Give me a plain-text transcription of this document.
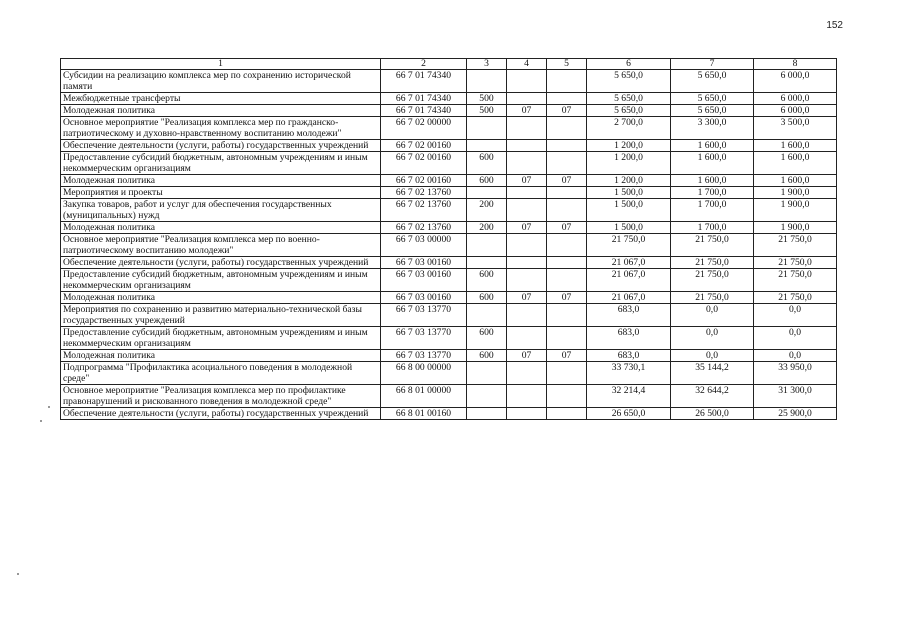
152
1	2	3	4	5	6	7	8
Субсидии на реализацию комплекса мер по сохранению исторической памяти	66 7 01 74340				5 650,0	5 650,0	6 000,0
Межбюджетные трансферты	66 7 01 74340	500			5 650,0	5 650,0	6 000,0
Молодежная политика	66 7 01 74340	500	07	07	5 650,0	5 650,0	6 000,0
Основное мероприятие "Реализация комплекса мер по гражданско-патриотическому и духовно-нравственному воспитанию молодежи"	66 7 02 00000				2 700,0	3 300,0	3 500,0
Обеспечение деятельности (услуги, работы) государственных учреждений	66 7 02 00160				1 200,0	1 600,0	1 600,0
Предоставление субсидий бюджетным, автономным учреждениям и иным некоммерческим организациям	66 7 02 00160	600			1 200,0	1 600,0	1 600,0
Молодежная политика	66 7 02 00160	600	07	07	1 200,0	1 600,0	1 600,0
Мероприятия и проекты	66 7 02 13760				1 500,0	1 700,0	1 900,0
Закупка товаров, работ и услуг для обеспечения государственных (муниципальных) нужд	66 7 02 13760	200			1 500,0	1 700,0	1 900,0
Молодежная политика	66 7 02 13760	200	07	07	1 500,0	1 700,0	1 900,0
Основное мероприятие "Реализация комплекса мер по военно-патриотическому воспитанию молодежи"	66 7 03 00000				21 750,0	21 750,0	21 750,0
Обеспечение деятельности (услуги, работы) государственных учреждений	66 7 03 00160				21 067,0	21 750,0	21 750,0
Предоставление субсидий бюджетным, автономным учреждениям и иным некоммерческим организациям	66 7 03 00160	600			21 067,0	21 750,0	21 750,0
Молодежная политика	66 7 03 00160	600	07	07	21 067,0	21 750,0	21 750,0
Мероприятия по сохранению и развитию материально-технической базы государственных учреждений	66 7 03 13770				683,0	0,0	0,0
Предоставление субсидий бюджетным, автономным учреждениям и иным некоммерческим организациям	66 7 03 13770	600			683,0	0,0	0,0
Молодежная политика	66 7 03 13770	600	07	07	683,0	0,0	0,0
Подпрограмма "Профилактика асоциального поведения в молодежной среде"	66 8 00 00000				33 730,1	35 144,2	33 950,0
Основное мероприятие "Реализация комплекса мер по профилактике правонарушений и рискованного поведения в молодежной среде"	66 8 01 00000				32 214,4	32 644,2	31 300,0
Обеспечение деятельности (услуги, работы) государственных учреждений	66 8 01 00160				26 650,0	26 500,0	25 900,0
